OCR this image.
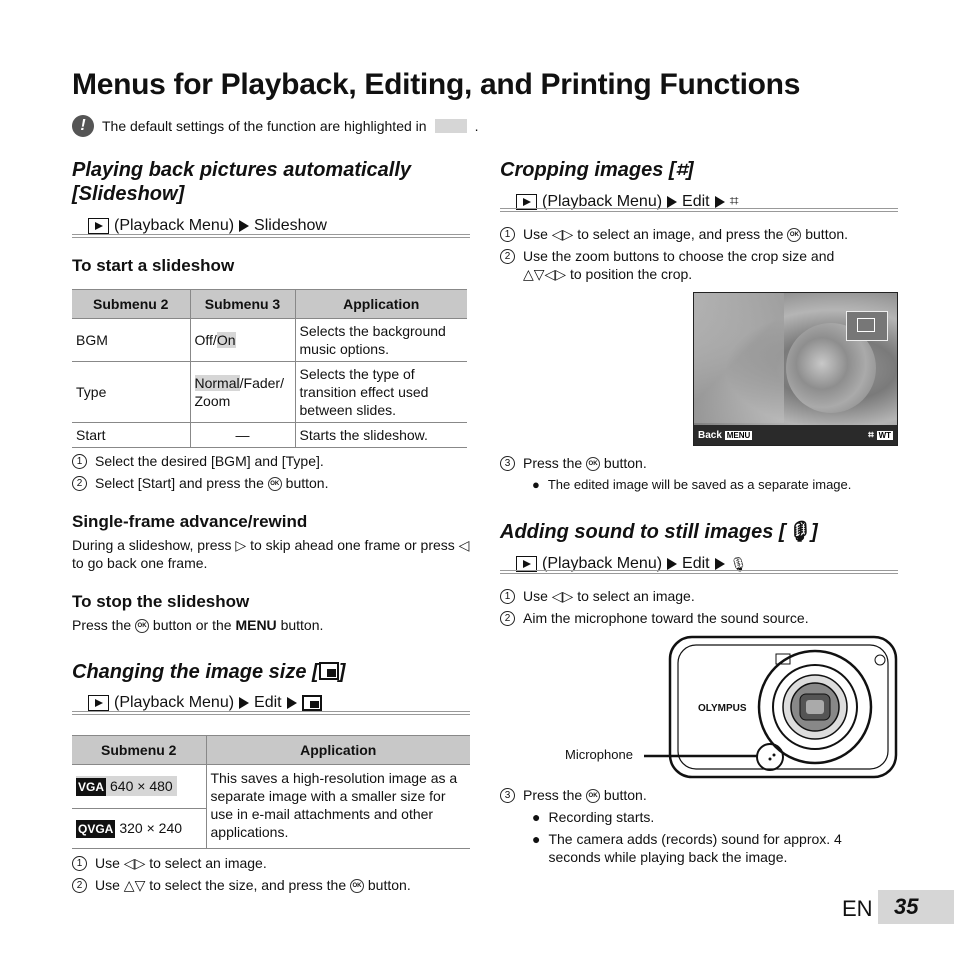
Menus for Playback, Editing, and Printing Functions
!	The default settings of the function are highlighted in	.
Playing back pictures automatically
[Slideshow]
(Playback Menu) Slideshow
To start a slideshow
Submenu 2	Submenu 3	Application
BGM	Off/On	Selects the background music options.
Type	Normal/Fader/ Zoom	Selects the type of transition effect used between slides.
Start	—	Starts the slideshow.
1 Select the desired [BGM] and [Type].
2 Select [Start] and press the OK button.
Single-frame advance/rewind
During a slideshow, press ▷ to skip ahead one frame or press ◁ to go back one frame.
To stop the slideshow
Press the OK button or the MENU button.
Changing the image size [ ]
(Playback Menu) Edit
Submenu 2	Application
VGA 640 × 480	This saves a high-resolution image as a separate image with a smaller size for use in e-mail attachments and other applications.
QVGA 320 × 240	
1 Use ◁▷ to select an image.
2 Use △▽ to select the size, and press the OK button.
Cropping images [⌗]
(Playback Menu) Edit ⌗
1 Use ◁▷ to select an image, and press the OK button.
2 Use the zoom buttons to choose the crop size and
△▽◁▷ to position the crop.
Back
MENU	⌗ WT
3 Press the OK button.
● The edited image will be saved as a separate image.
Adding sound to still images [🎙]
(Playback Menu) Edit 🎙
1 Use ◁▷ to select an image.
2 Aim the microphone toward the sound source.
OLYMPUS
Microphone
3 Press the OK button.
● Recording starts.
● The camera adds (records) sound for approx. 4 seconds while playing back the image.
EN 35
